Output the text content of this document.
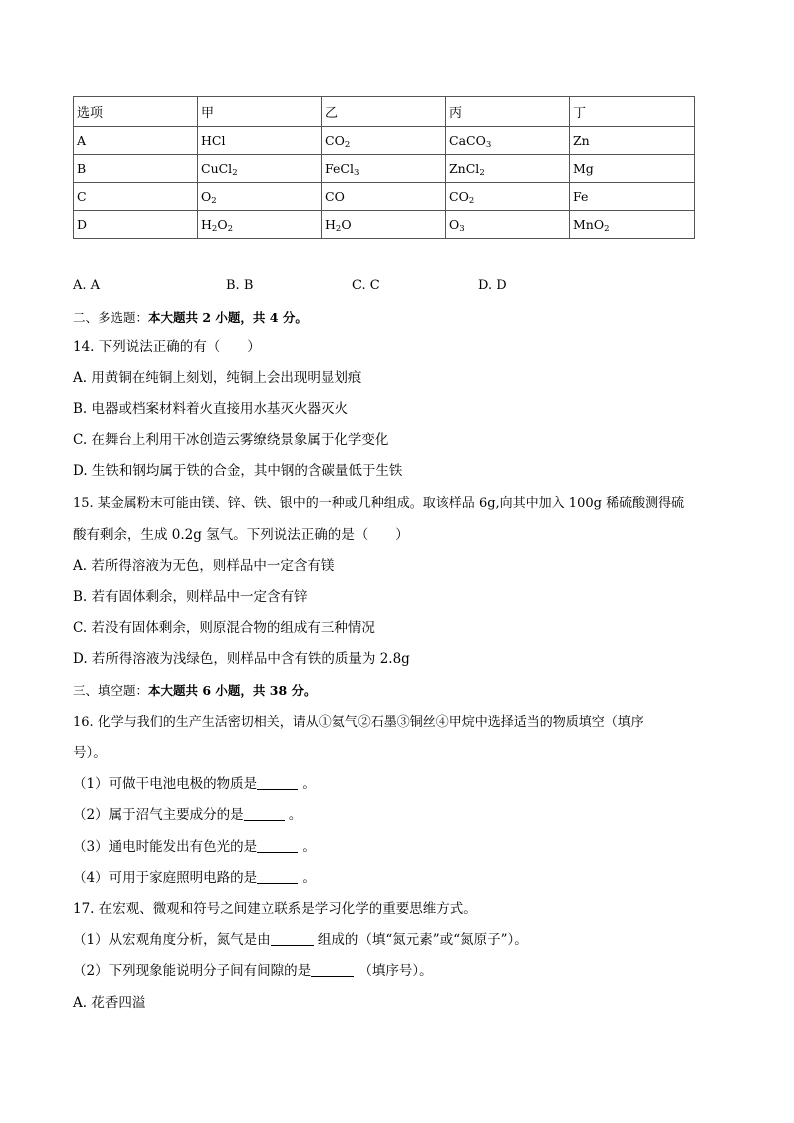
选项	甲	乙	丙	丁
A	HCl	$CO_2$	CaCO$_3$	Zn
B	CuCl$_2$	FeCl$_3$	ZnCl$_2$	Mg
C	$O_2$	CO	$CO_2$	Fe
D	$H_2O_2$	$H_2O$	$O_3$	MnO$_2$
A. A	B. B	C. C	D. D
二、多选题：本大题共 2 小题，共 4 分。
14. 下列说法正确的有（　　）
A. 用黄铜在纯铜上刻划，纯铜上会出现明显划痕
B. 电器或档案材料着火直接用水基灭火器灭火
C. 在舞台上利用干冰创造云雾缭绕景象属于化学变化
D. 生铁和钢均属于铁的合金，其中钢的含碳量低于生铁
15. 某金属粉末可能由镁、锌、铁、银中的一种或几种组成。取该样品 6g,向其中加入 100g 稀硫酸测得硫
酸有剩余，生成 0.2g 氢气。下列说法正确的是（　　）
A. 若所得溶液为无色，则样品中一定含有镁
B. 若有固体剩余，则样品中一定含有锌
C. 若没有固体剩余，则原混合物的组成有三种情况
D. 若所得溶液为浅绿色，则样品中含有铁的质量为 2.8g
三、填空题：本大题共 6 小题，共 38 分。
16. 化学与我们的生产生活密切相关，请从①氦气②石墨③铜丝④甲烷中选择适当的物质填空（填序
号）。
（1）可做干电池电极的物质是	。
（2）属于沼气主要成分的是	。
（3）通电时能发出有色光的是	。
（4）可用于家庭照明电路的是	。
17. 在宏观、微观和符号之间建立联系是学习化学的重要思维方式。
（1）从宏观角度分析，氮气是由	组成的（填“氮元素”或“氮原子”）。
（2）下列现象能说明分子间有间隙的是	（填序号）。
A. 花香四溢
